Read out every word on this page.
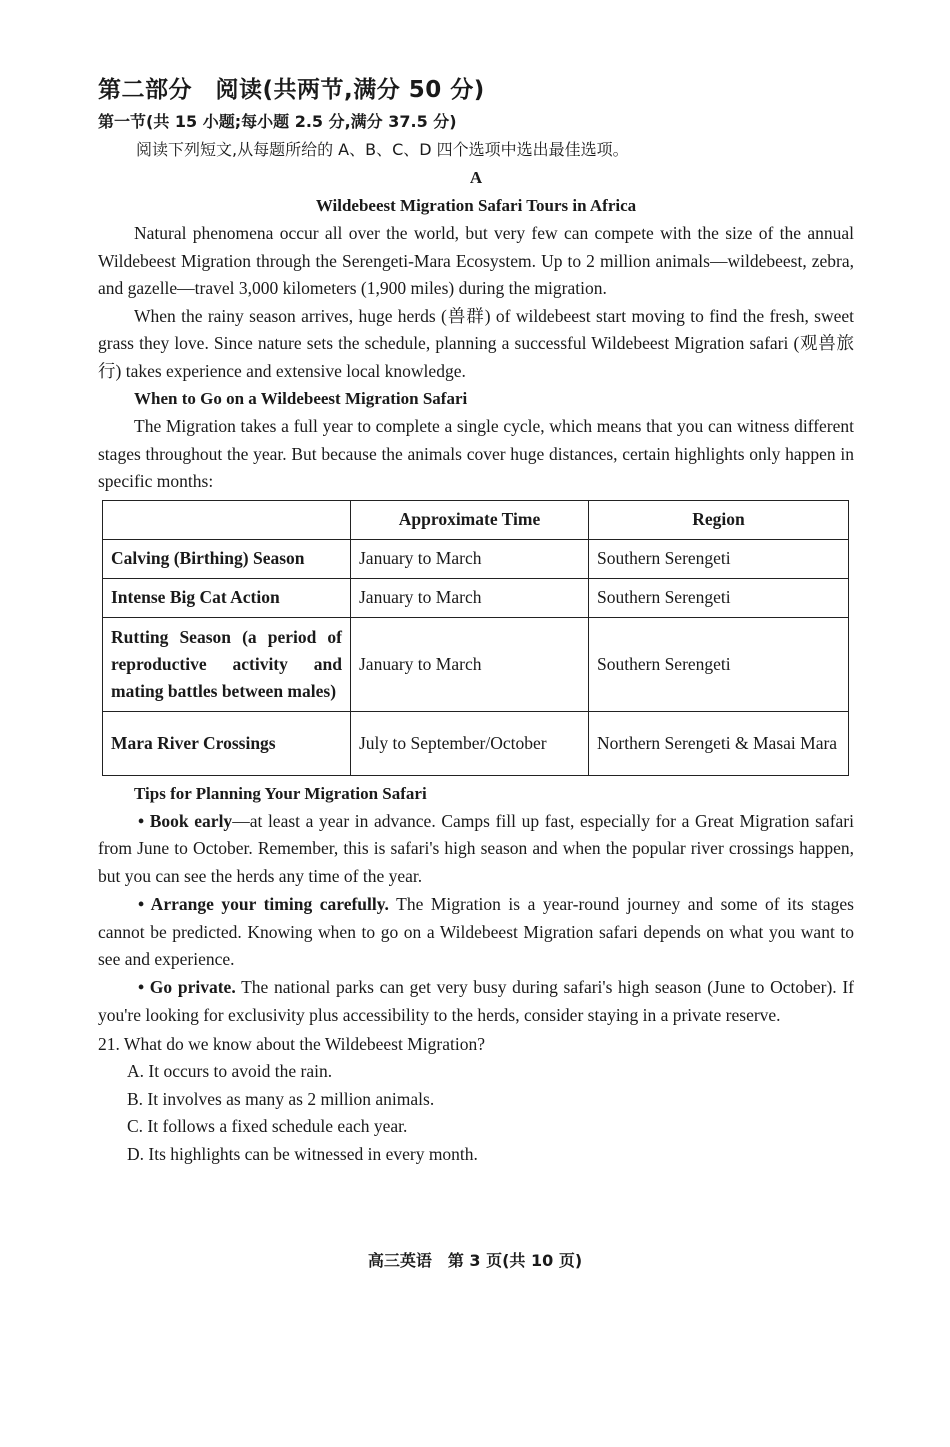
第二部分　阅读(共两节,满分 50 分)
第一节(共 15 小题;每小题 2.5 分,满分 37.5 分)

阅读下列短文,从每题所给的 A、B、C、D 四个选项中选出最佳选项。

A

Wildebeest Migration Safari Tours in Africa

Natural phenomena occur all over the world, but very few can compete with the size of the annual Wildebeest Migration through the Serengeti-Mara Ecosystem. Up to 2 million animals—wildebeest, zebra, and gazelle—travel 3,000 kilometers (1,900 miles) during the migration.

When the rainy season arrives, huge herds (兽群) of wildebeest start moving to find the fresh, sweet grass they love. Since nature sets the schedule, planning a successful Wildebeest Migration safari (观兽旅行) takes experience and extensive local knowledge.

When to Go on a Wildebeest Migration Safari

The Migration takes a full year to complete a single cycle, which means that you can witness different stages throughout the year. But because the animals cover huge distances, certain highlights only happen in specific months:

	Approximate Time	Region
Calving (Birthing) Season	January to March	Southern Serengeti
Intense Big Cat Action	January to March	Southern Serengeti
Rutting Season (a period of reproductive activity and mating battles between males)	January to March	Southern Serengeti
Mara River Crossings	July to September/October	Northern Serengeti & Masai Mara

Tips for Planning Your Migration Safari

• Book early—at least a year in advance. Camps fill up fast, especially for a Great Migration safari from June to October. Remember, this is safari's high season and when the popular river crossings happen, but you can see the herds any time of the year.

• Arrange your timing carefully. The Migration is a year-round journey and some of its stages cannot be predicted. Knowing when to go on a Wildebeest Migration safari depends on what you want to see and experience.

• Go private. The national parks can get very busy during safari's high season (June to October). If you're looking for exclusivity plus accessibility to the herds, consider staying in a private reserve.

21. What do we know about the Wildebeest Migration?

A. It occurs to avoid the rain.

B. It involves as many as 2 million animals.

C. It follows a fixed schedule each year.

D. Its highlights can be witnessed in every month.

高三英语　第 3 页(共 10 页)
